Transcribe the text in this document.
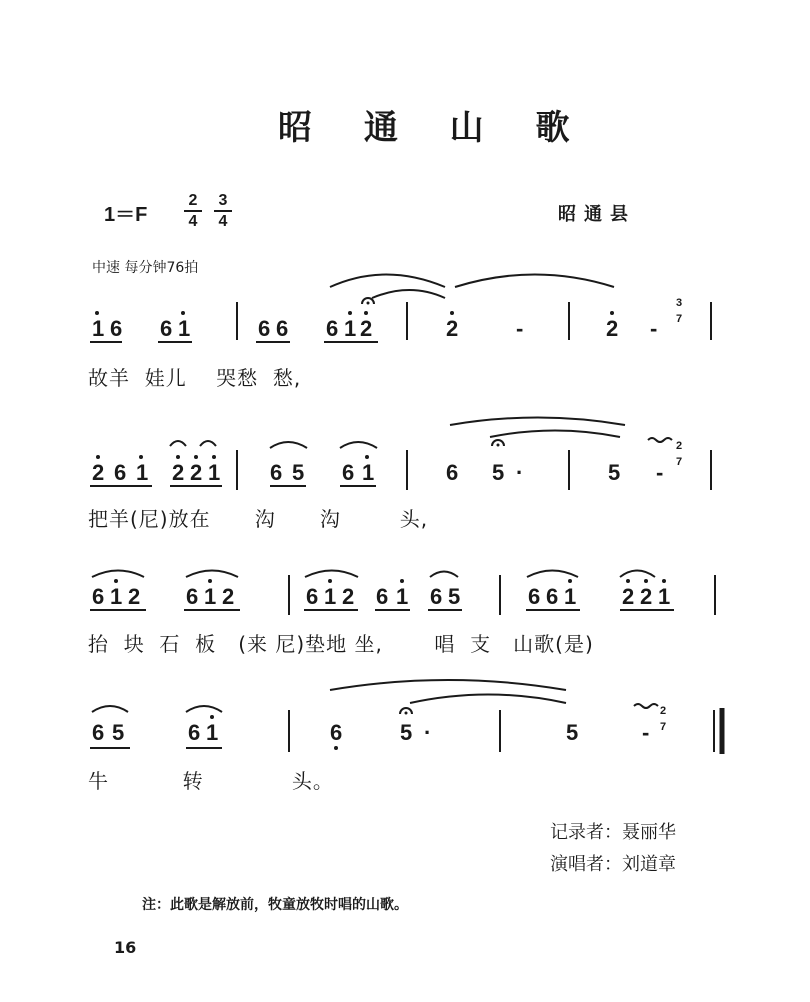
昭 通 山 歌
1＝F
2
4
3
4	昭通县
中速 每分钟76拍
1 6 6 1	6 6 6 1 2	2	-	2 -
3
7
2 6 1 2 2 1 6 5 6 1	6 5 ·	5 -
2
7
6 1 2 6 1 2	6 1 2 6 1 6 5	6 6 1 2 2 1
6 5	6 1	6	5 ·	5	-
2
7
故羊  娃儿    哭愁  愁,
把羊(尼)放在      沟      沟        头,
抬  块  石  板   (来 尼)垫地 坐,       唱  支   山歌(是)
牛          转            头。
记录者：聂丽华
演唱者：刘道章
注：此歌是解放前，牧童放牧时唱的山歌。
16
